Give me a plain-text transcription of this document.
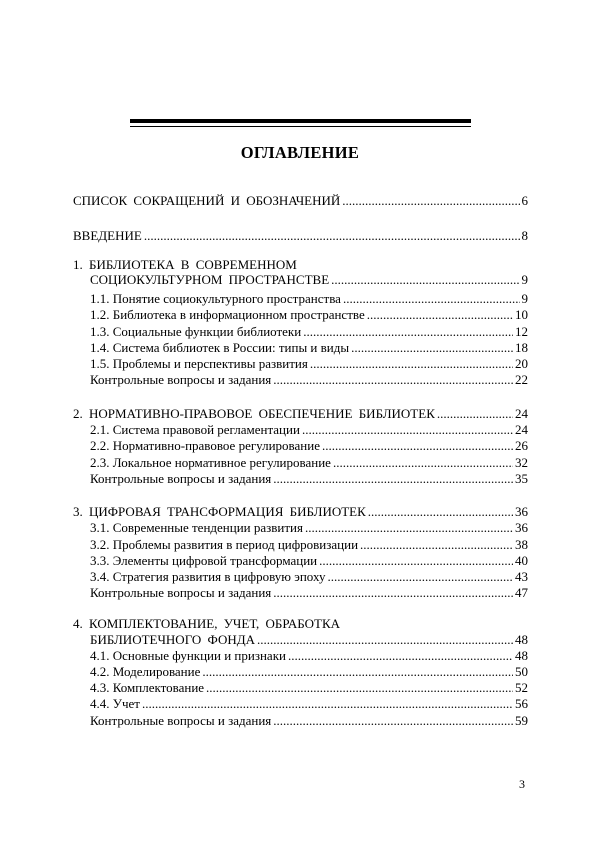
ОГЛАВЛЕНИЕ
СПИСОК СОКРАЩЕНИЙ И ОБОЗНАЧЕНИЙ .....	6
ВВЕДЕНИЕ .....	8
1. БИБЛИОТЕКА В СОВРЕМЕННОМ
СОЦИОКУЛЬТУРНОМ ПРОСТРАНСТВЕ .....	9
1.1. Понятие социокультурного пространства .....	9
1.2. Библиотека в информационном пространстве .....	10
1.3. Социальные функции библиотеки .....	12
1.4. Система библиотек в России: типы и виды .....	18
1.5. Проблемы и перспективы развития .....	20
Контрольные вопросы и задания .....	22
2. НОРМАТИВНО-ПРАВОВОЕ ОБЕСПЕЧЕНИЕ БИБЛИОТЕК .....	24
2.1. Система правовой регламентации .....	24
2.2. Нормативно-правовое регулирование .....	26
2.3. Локальное нормативное регулирование .....	32
Контрольные вопросы и задания .....	35
3. ЦИФРОВАЯ ТРАНСФОРМАЦИЯ БИБЛИОТЕК .....	36
3.1. Современные тенденции развития .....	36
3.2. Проблемы развития в период цифровизации .....	38
3.3. Элементы цифровой трансформации .....	40
3.4. Стратегия развития в цифровую эпоху .....	43
Контрольные вопросы и задания .....	47
4. КОМПЛЕКТОВАНИЕ, УЧЕТ, ОБРАБОТКА
БИБЛИОТЕЧНОГО ФОНДА .....	48
4.1. Основные функции и признаки .....	48
4.2. Моделирование .....	50
4.3. Комплектование .....	52
4.4. Учет .....	56
Контрольные вопросы и задания .....	59
3
